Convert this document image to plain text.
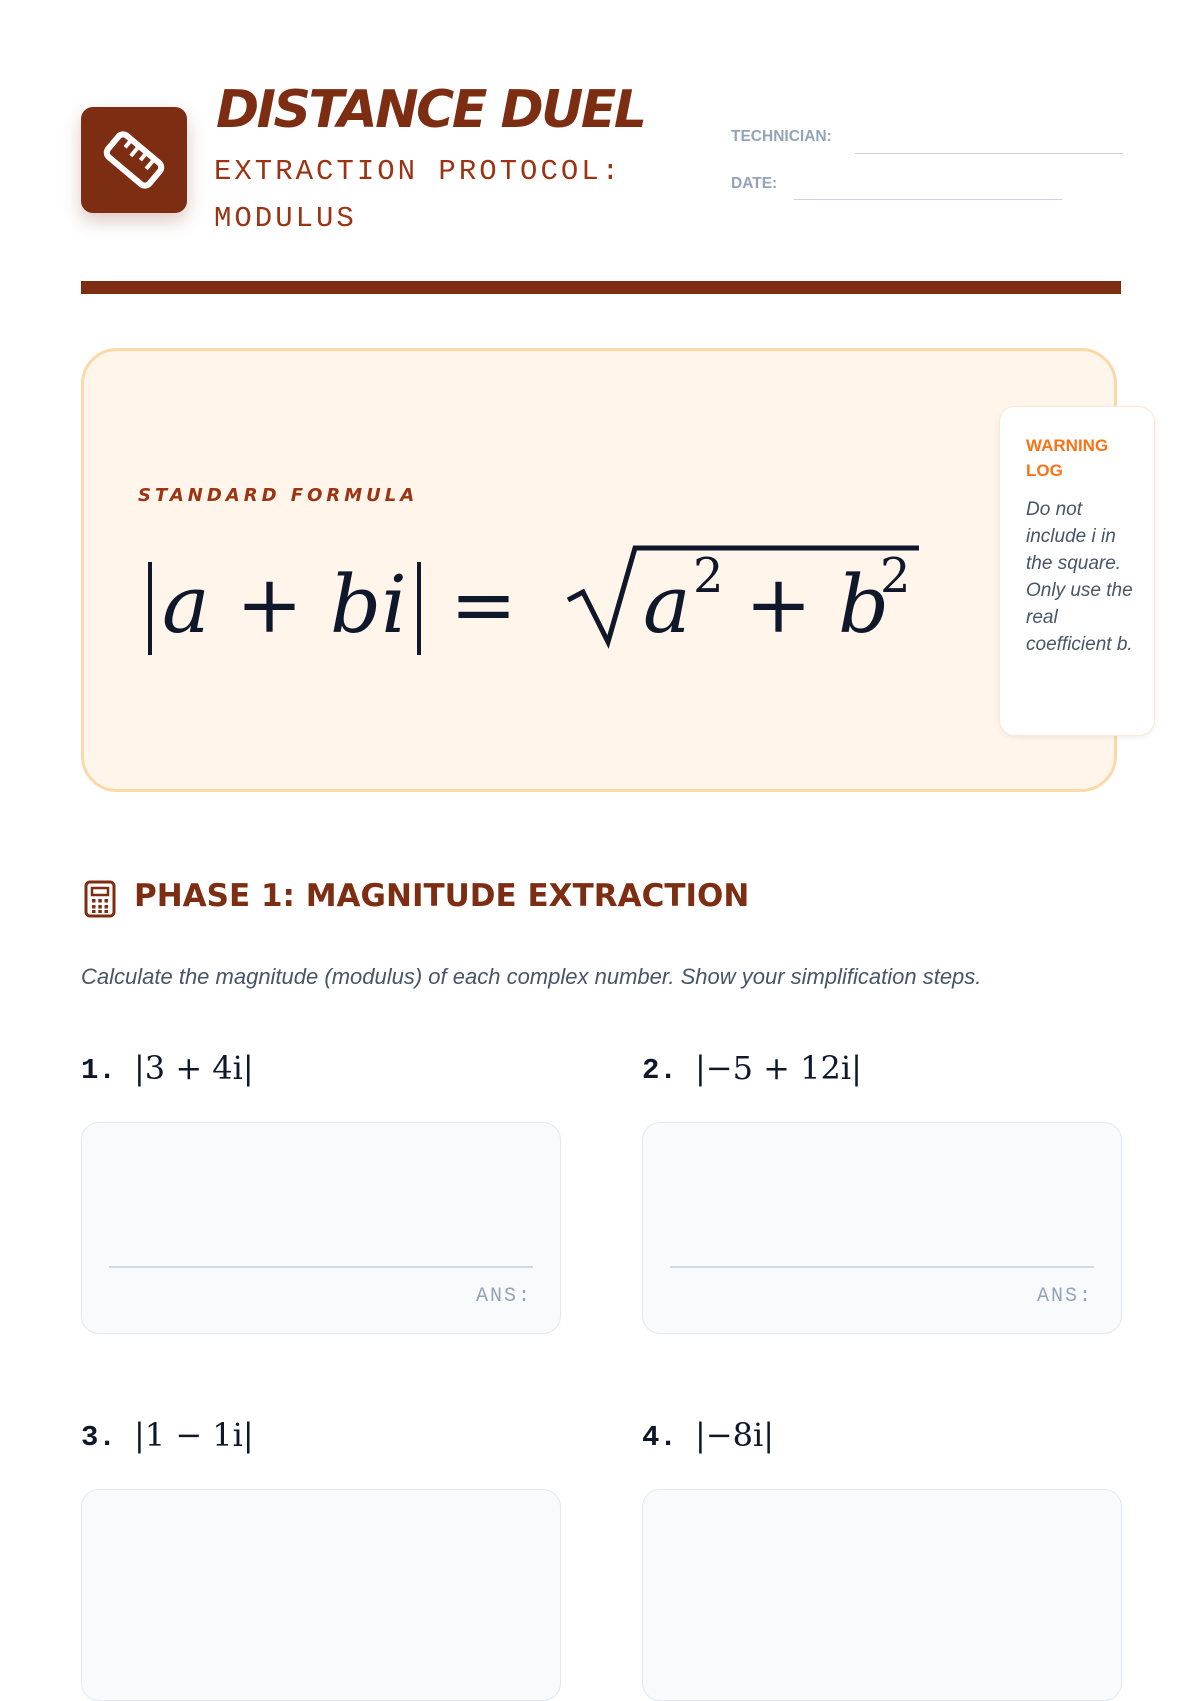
DISTANCE DUEL
EXTRACTION PROTOCOL: MODULUS
TECHNICIAN:
DATE:
STANDARD FORMULA
a + bi = a 2 + b
2
WARNING LOG
Do not include i in the square. Only use the real coefficient b.
PHASE 1: MAGNITUDE EXTRACTION
Calculate the magnitude (modulus) of each complex number. Show your simplification steps.
1. |3 + 4i|
ANS:
2. |−5 + 12i|
ANS:
3. |1 − 1i|	4. |−8i|
